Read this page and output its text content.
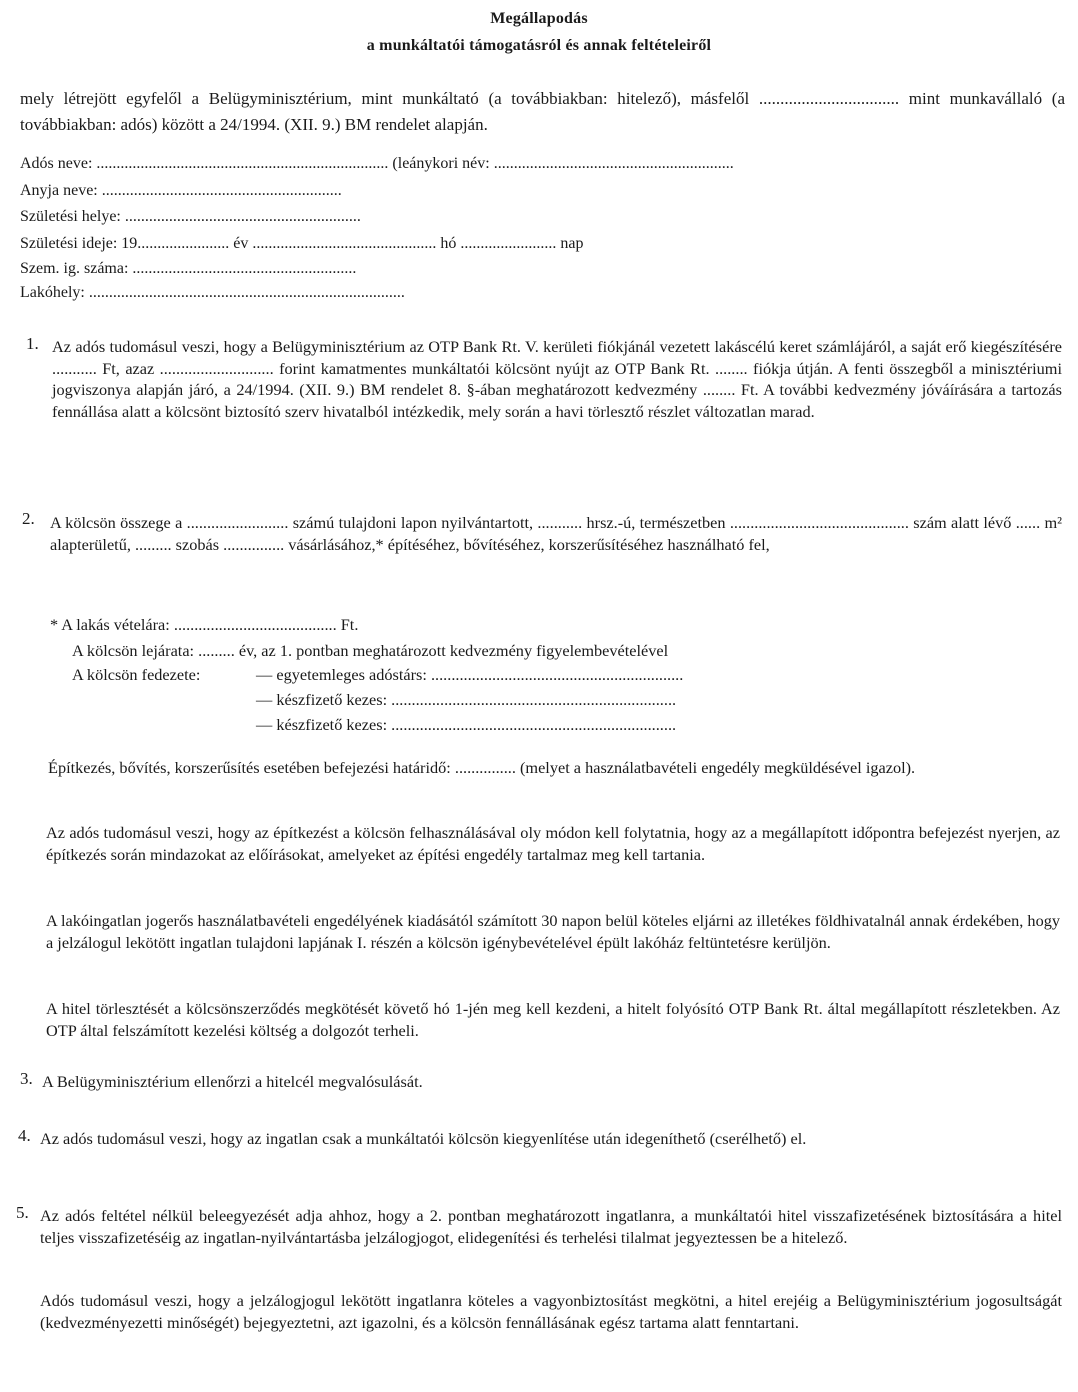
Megállapodás
a munkáltatói támogatásról és annak feltételeiről
mely létrejött egyfelől a Belügyminisztérium, mint munkáltató (a továbbiakban: hitelező), másfelől ................................. mint munkavállaló (a továbbiakban: adós) között a 24/1994. (XII. 9.) BM rendelet alapján.
Adós neve: ......................................................................... (leánykori név: ............................................................
Anyja neve: ............................................................
Születési helye: ...........................................................
Születési ideje: 19....................... év .............................................. hó ........................ nap
Szem. ig. száma: ........................................................
Lakóhely: ...............................................................................
1. Az adós tudomásul veszi, hogy a Belügyminisztérium az OTP Bank Rt. V. kerületi fiókjánál vezetett lakáscélú keret számlájáról, a saját erő kiegészítésére ........... Ft, azaz ............................ forint kamatmentes munkáltatói kölcsönt nyújt az OTP Bank Rt. ........ fiókja útján. A fenti összegből a minisztériumi jogviszonya alapján járó, a 24/1994. (XII. 9.) BM rendelet 8. §-ában meghatározott kedvezmény ........ Ft. A további kedvezmény jóváírására a tartozás fennállása alatt a kölcsönt biztosító szerv hivatalból intézkedik, mely során a havi törlesztő részlet változatlan marad.
2. A kölcsön összege a ......................... számú tulajdoni lapon nyilvántartott, ........... hrsz.-ú, természetben ............................................ szám alatt lévő ...... m² alapterületű, ......... szobás ............... vásárlásához,* építéséhez, bővítéséhez, korszerűsítéséhez használható fel,
* A lakás vételára: ........................................ Ft.
A kölcsön lejárata: ......... év, az 1. pontban meghatározott kedvezmény figyelembevételével
A kölcsön fedezete:	— egyetemleges adóstárs: ..............................................................
— készfizető kezes: ......................................................................
— készfizető kezes: ......................................................................
Építkezés, bővítés, korszerűsítés esetében befejezési határidő: ............... (melyet a használatbavételi engedély megküldésével igazol).
Az adós tudomásul veszi, hogy az építkezést a kölcsön felhasználásával oly módon kell folytatnia, hogy az a megállapított időpontra befejezést nyerjen, az építkezés során mindazokat az előírásokat, amelyeket az építési engedély tartalmaz meg kell tartania.
A lakóingatlan jogerős használatbavételi engedélyének kiadásától számított 30 napon belül köteles eljárni az illetékes földhivatalnál annak érdekében, hogy a jelzálogul lekötött ingatlan tulajdoni lapjának I. részén a kölcsön igénybevételével épült lakóház feltüntetésre kerüljön.
A hitel törlesztését a kölcsönszerződés megkötését követő hó 1-jén meg kell kezdeni, a hitelt folyósító OTP Bank Rt. által megállapított részletekben. Az OTP által felszámított kezelési költség a dolgozót terheli.
3. A Belügyminisztérium ellenőrzi a hitelcél megvalósulását.
4. Az adós tudomásul veszi, hogy az ingatlan csak a munkáltatói kölcsön kiegyenlítése után idegeníthető (cserélhető) el.
5. Az adós feltétel nélkül beleegyezését adja ahhoz, hogy a 2. pontban meghatározott ingatlanra, a munkáltatói hitel visszafizetésének biztosítására a hitel teljes visszafizetéséig az ingatlan-nyilvántartásba jelzálogjogot, elidegenítési és terhelési tilalmat jegyeztessen be a hitelező.
Adós tudomásul veszi, hogy a jelzálogjogul lekötött ingatlanra köteles a vagyonbiztosítást megkötni, a hitel erejéig a Belügyminisztérium jogosultságát (kedvezményezetti minőségét) bejegyeztetni, azt igazolni, és a kölcsön fennállásának egész tartama alatt fenntartani.
